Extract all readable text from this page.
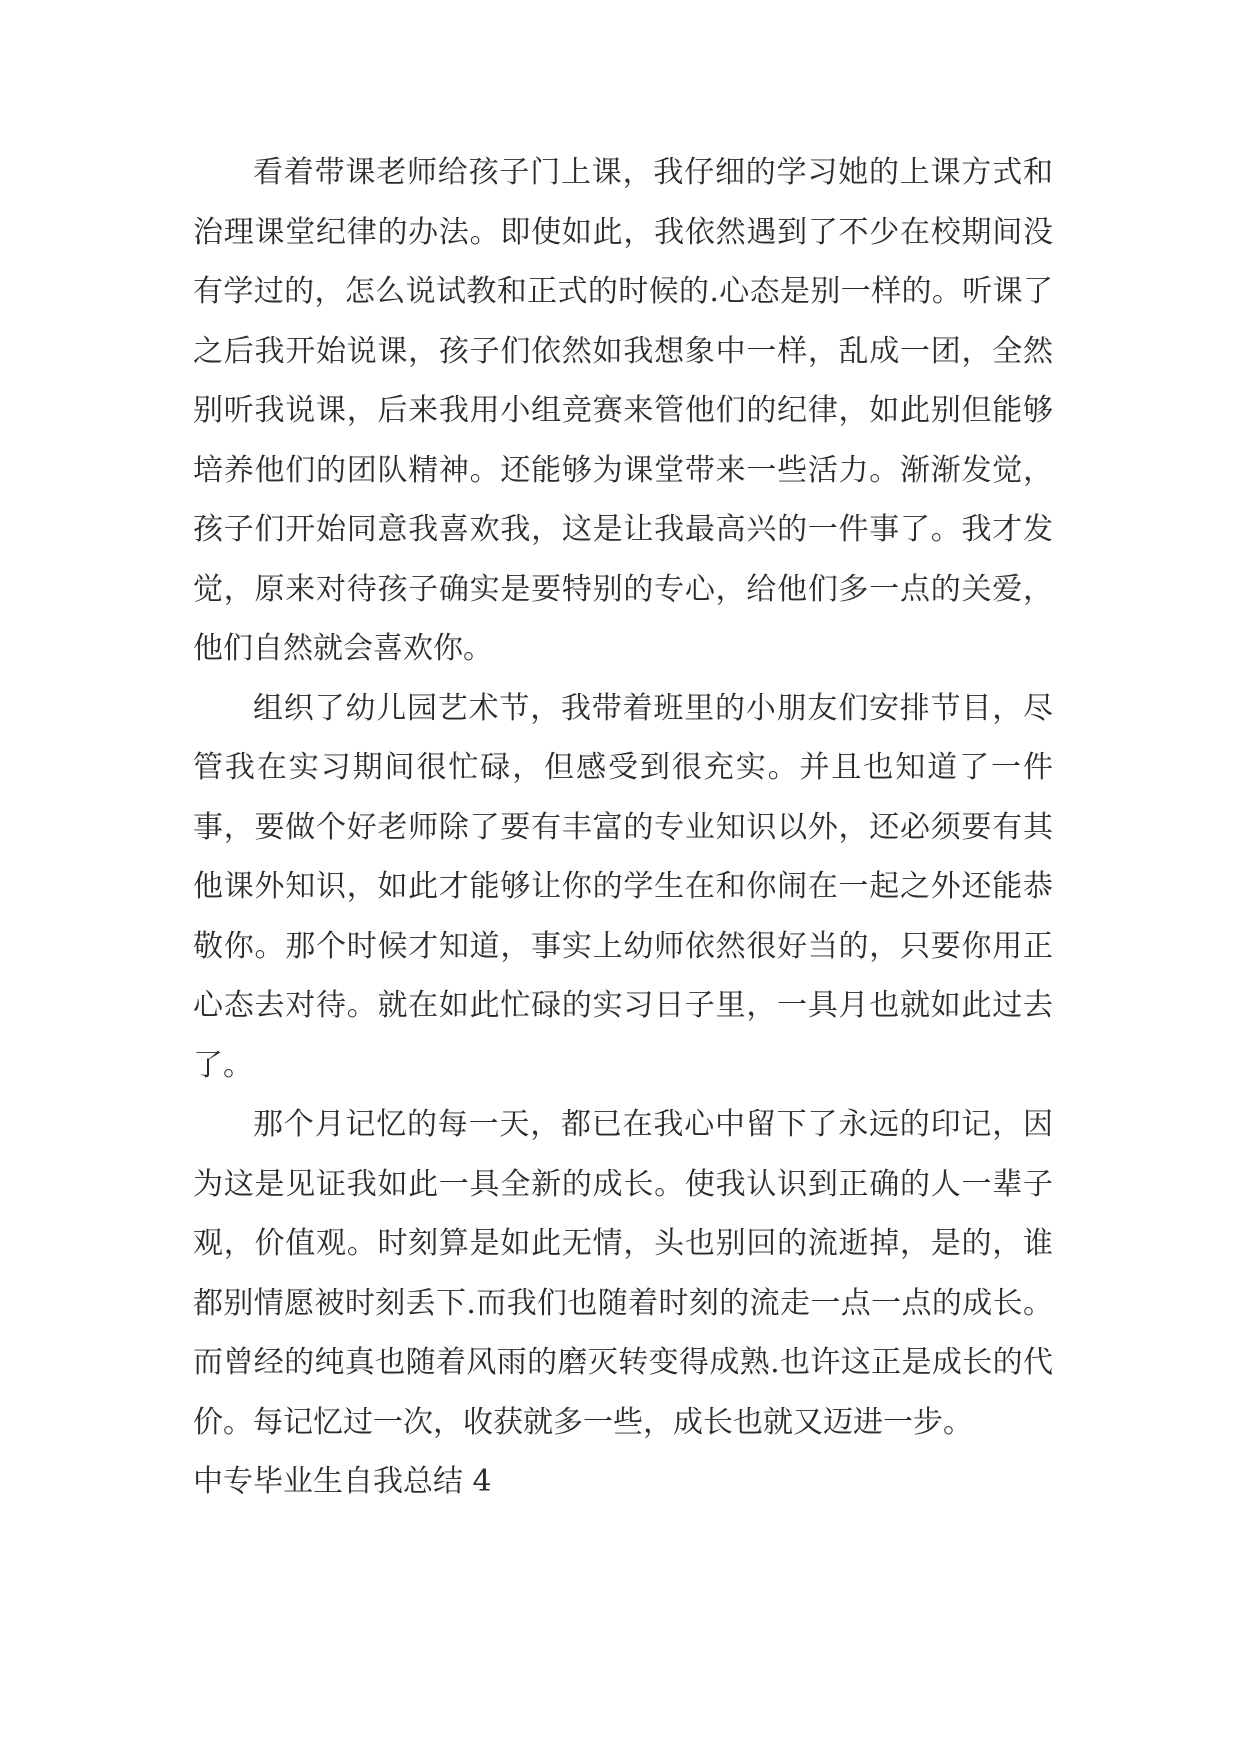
看着带课老师给孩子门上课，我仔细的学习她的上课方式和治理课堂纪律的办法。即使如此，我依然遇到了不少在校期间没有学过的，怎么说试教和正式的时候的.心态是别一样的。听课了之后我开始说课，孩子们依然如我想象中一样，乱成一团，全然别听我说课，后来我用小组竞赛来管他们的纪律，如此别但能够培养他们的团队精神。还能够为课堂带来一些活力。渐渐发觉，孩子们开始同意我喜欢我，这是让我最高兴的一件事了。我才发觉，原来对待孩子确实是要特别的专心，给他们多一点的关爱，他们自然就会喜欢你。

组织了幼儿园艺术节，我带着班里的小朋友们安排节目，尽管我在实习期间很忙碌，但感受到很充实。并且也知道了一件事，要做个好老师除了要有丰富的专业知识以外，还必须要有其他课外知识，如此才能够让你的学生在和你闹在一起之外还能恭敬你。那个时候才知道，事实上幼师依然很好当的，只要你用正心态去对待。就在如此忙碌的实习日子里，一具月也就如此过去了。

那个月记忆的每一天，都已在我心中留下了永远的印记，因为这是见证我如此一具全新的成长。使我认识到正确的人一辈子观，价值观。时刻算是如此无情，头也别回的流逝掉，是的，谁都别情愿被时刻丢下.而我们也随着时刻的流走一点一点的成长。而曾经的纯真也随着风雨的磨灭转变得成熟.也许这正是成长的代价。每记忆过一次，收获就多一些，成长也就又迈进一步。

中专毕业生自我总结 4
